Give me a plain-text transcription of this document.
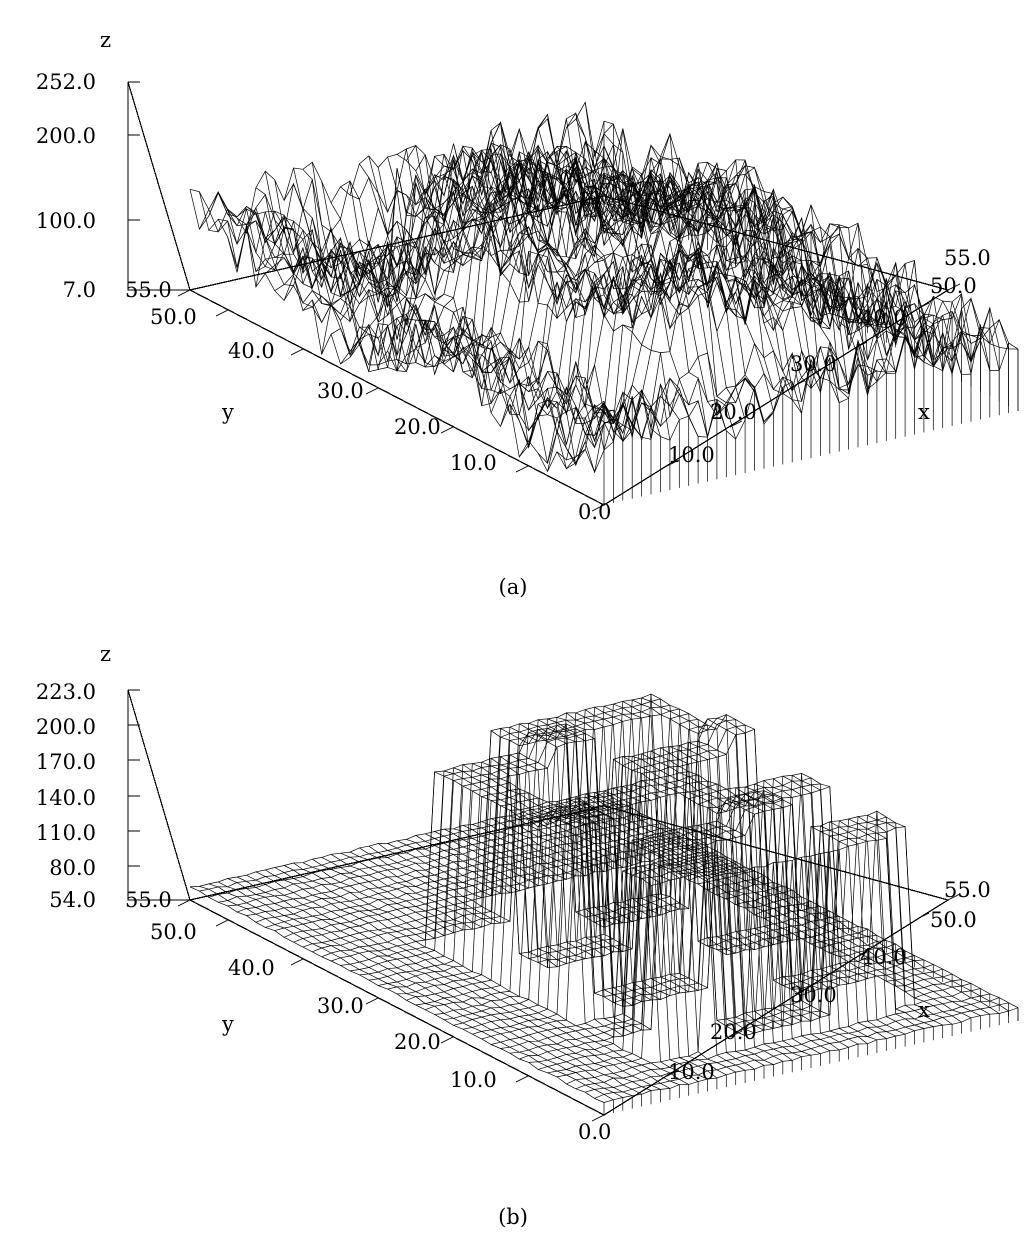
z
x
y
252.0
200.0
100.0
7.0 55.0
50.0
40.0
30.0
20.0
10.0
0.0
55.0
50.0
40.0
30.0
20.0
10.0
(a)
z
x
y
223.0
200.0
170.0
140.0
110.0
80.0
54.0 55.0
50.0
40.0
30.0
20.0
10.0
0.0
55.0
50.0
40.0
30.0
20.0
10.0
(b)
